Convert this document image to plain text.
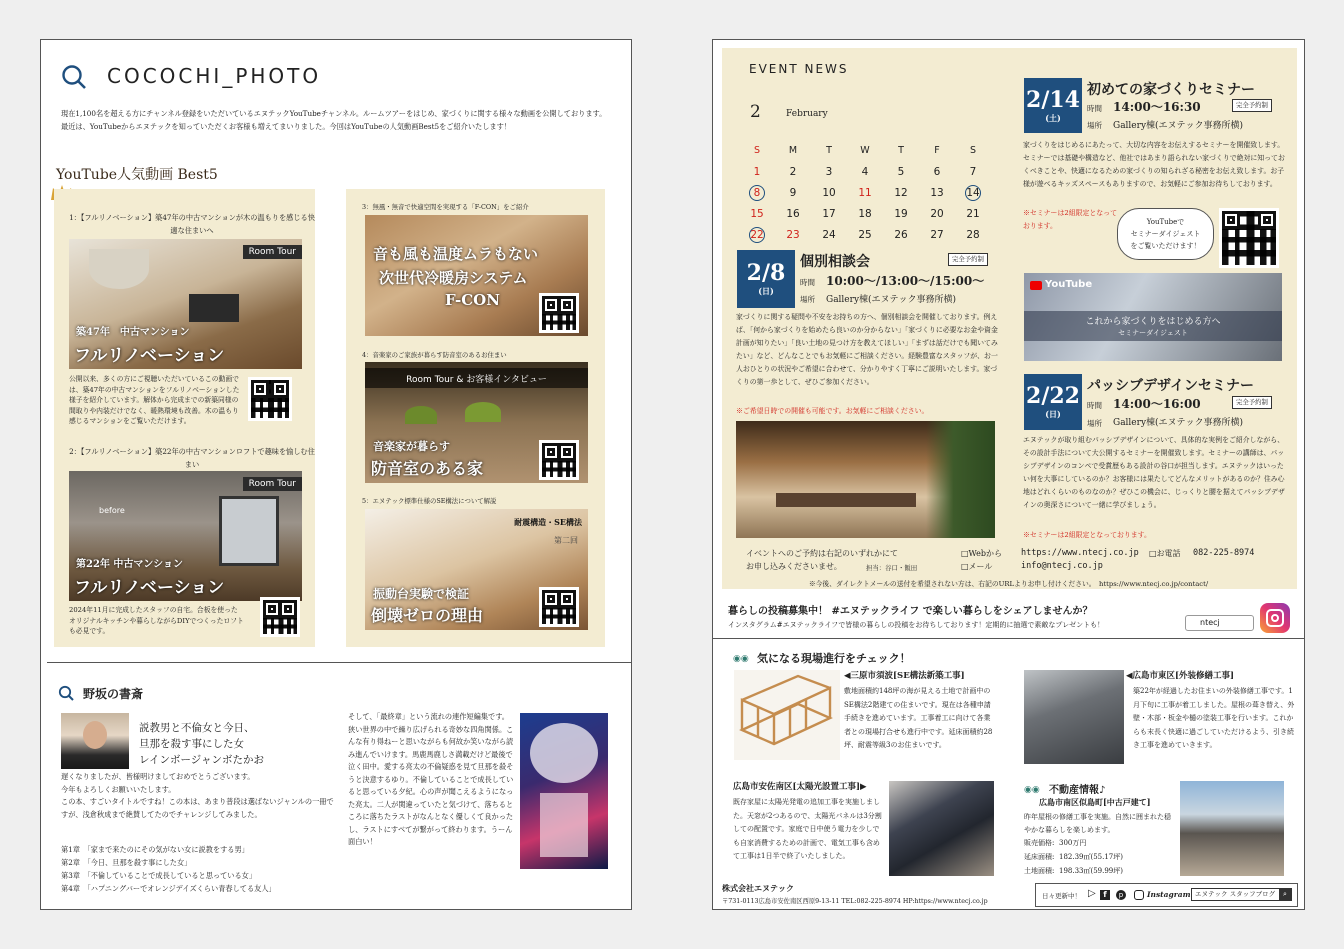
COCOCHI_PHOTO
現在1,100名を超える方にチャンネル登録をいただいているエヌテックYouTubeチャンネル。ルームツアーをはじめ、家づくりに関する様々な動画を公開しております。最近は、YouTubeからエヌテックを知っていただくお客様も増えてまいりました。今回はYouTubeの人気動画Best5をご紹介いたします！
YouTube人気動画 Best5
1：【フルリノベーション】築47年の中古マンションが木の温もりを感じる快適な住まいへ
Room Tour
築47年　中古マンション
フルリノベーション
公開以来、多くの方にご視聴いただいているこの動画では、築47年の中古マンションをフルリノベーションした様子を紹介しています。解体から完成までの新築同様の間取りや内装だけでなく、暖熱環境も改善。木の温もり感じるマンションをご覧いただけます。
2：【フルリノベーション】築22年の中古マンションロフトで趣味を愉しむ住まい
before
Room Tour
第22年 中古マンション
フルリノベーション
2024年11月に完成したスタッフの自宅。合板を使ったオリジナルキッチンや暮らしながらDIYでつくったロフトも必見です。
3：無風・無音で快適空間を実現する「F-CON」をご紹介
音も風も温度ムラもない
次世代冷暖房システム
F-CON
4：音楽家のご家族が暮らす防音室のあるお住まい
Room Tour & お客様インタビュー
音楽家が暮らす
防音室のある家
5：エヌテック標準仕様のSE構法について解説
耐震構造・SE構法
第二回
振動台実験で検証
倒壊ゼロの理由
野坂の書斎
説教男と不倫女と今日、
旦那を殺す事にした女
レインボージャンボたかお
遅くなりましたが、皆様明けましておめでとうございます。
今年もよろしくお願いいたします。
この本、すごいタイトルですね！この本は、あまり普段は選ばないジャンルの一冊ですが、浅倉秋成まで絶賛してたのでチャレンジしてみました。
第1章　「家まで来たのにその気がない女に説教をする男」
第2章　「今日、旦那を殺す事にした女」
第3章　「不倫していることで成長していると思っている女」
第4章　「ハプニングバーでオレンジデイズくらい青春してる友人」
そして、「最終章」という流れの連作短編集です。
狭い世界の中で繰り広げられる奇妙な四角関係。こんな有り得ねーと思いながらも何故か笑いながら読み進んでいけます。馬鹿馬鹿しさ満載だけど最後で泣く田中。愛する亮太の不倫疑惑を見て旦那を殺そうと決意するゆり。不倫していることで成長していると思っている夕紀。心の声が聞こえるようになった亮太。二人が関違っていたと気づけて、落ちるところに落ちたラストがなんとなく優しくて良かったし、ラストにすべてが繋がって終わります。うーん面白い！
EVENT NEWS
2	February
S	M	T	W	T	F	S
1	2	3	4	5	6	7
8	9	10	11	12	13	14
15	16	17	18	19	20	21
22	23	24	25	26	27	28
2/14
(土)
初めての家づくりセミナー
時間 14:00〜16:30	完全予約制
場所 Gallery棟(エヌテック事務所横)
家づくりをはじめるにあたって、大切な内容をお伝えするセミナーを開催致します。セミナーでは基礎や構造など、他社ではあまり語られない家づくりで絶対に知っておくべきことや、快適になるための家づくりの知られざる秘密をお伝え致します。お子様が遊べるキッズスペースもありますので、お気軽にご参加お待ちしております。
※セミナーは2組限定となっております。	YouTubeで
セミナーダイジェスト
をご覧いただけます！
YouTube
これから家づくりをはじめる方へ
セミナーダイジェスト
2/8
(日)
個別相談会	完全予約制
時間 10:00〜/13:00〜/15:00〜
場所 Gallery棟(エヌテック事務所横)
家づくりに関する疑問や不安をお持ちの方へ、個別相談会を開催しております。例えば、「何から家づくりを始めたら良いのか分からない」「家づくりに必要なお金や資金計画が知りたい」「良い土地の見つけ方を教えてほしい」「まずは話だけでも聞いてみたい」など、どんなことでもお気軽にご相談ください。経験豊富なスタッフが、お一人おひとりの状況やご希望に合わせて、分かりやすく丁寧にご説明いたします。家づくりの第一歩として、ぜひご参加ください。
※ご希望日時での開催も可能です。お気軽にご相談ください。
2/22
(日)
パッシブデザインセミナー
時間 14:00〜16:00	完全予約制
場所 Gallery棟(エヌテック事務所横)
エヌテックが取り組むパッシブデザインについて、具体的な実例をご紹介しながら、その設計手法について大公開するセミナーを開催致します。セミナーの講師は、パッシブデザインのコンペで受賞歴もある設計の谷口が担当します。エヌテックはいったい何を大事にしているのか？お客様には果たしてどんなメリットがあるのか？住み心地はどれくらいのものなのか？ぜひこの機会に、じっくりと腰を据えてパッシブデザインの奥深さについて一緒に学びましょう。
※セミナーは2組限定となっております。
イベントへのご予約は右記のいずれかにて
お申し込みくださいませ。	担当：谷口・飯田
□Webから https://www.ntecj.co.jp □お電話 082-225-8974
□メール	info@ntecj.co.jp
※今後、ダイレクトメールの送付を希望されない方は、右記のURLよりお申し付けください。　https://www.ntecj.co.jp/contact/
暮らしの投稿募集中！ #エヌテックライフ で楽しい暮らしをシェアしませんか？
インスタグラム#エヌテックライフで皆様の暮らしの投稿をお待ちしております！定期的に抽選で素敵なプレゼントも！	ntecj
◉◉ 気になる現場進行をチェック！
◀三原市須波[SE構法新築工事]
敷地面積約148坪の海が見える土地で計画中のSE構法2階建ての住まいです。現在は各種申請手続きを進めています。工事着工に向けて各業者との現場打合せも進行中です。延床面積約28坪、耐震等級3のお住まいです。
◀広島市東区[外装修繕工事]
築22年が経過したお住まいの外装修繕工事です。1月下旬に工事が着工しました。屋根の葺き替え、外壁・木部・板金や樋の塗装工事を行います。これからも末長く快適に過ごしていただけるよう、引き続き工事を進めていきます。
広島市安佐南区[太陽光設置工事]▶
既存家屋に太陽光発電の追加工事を実施しました。天窓が2つあるので、太陽光パネルは3分割しての配置です。家庭で日中使う電力を少しでも自家消費するための計画で、電気工事も含めて工事は1日半で終了いたしました。
◉◉ 不動産情報♪
広島市南区似島町[中古戸建て]
昨年屋根の修繕工事を実施。自然に囲まれた穏やかな暮らしを楽しめます。
販売価格: 300万円
延床面積: 182.39㎡(55.17坪)
土地面積: 198.33㎡(59.99坪)
株式会社エヌテック
〒731-0113広島市安佐南区西原9-13-11 TEL:082-225-8974 HP:https://www.ntecj.co.jp
日々更新中！ ▷ f	p	Instagram エヌテック スタッフブログ	⌕
